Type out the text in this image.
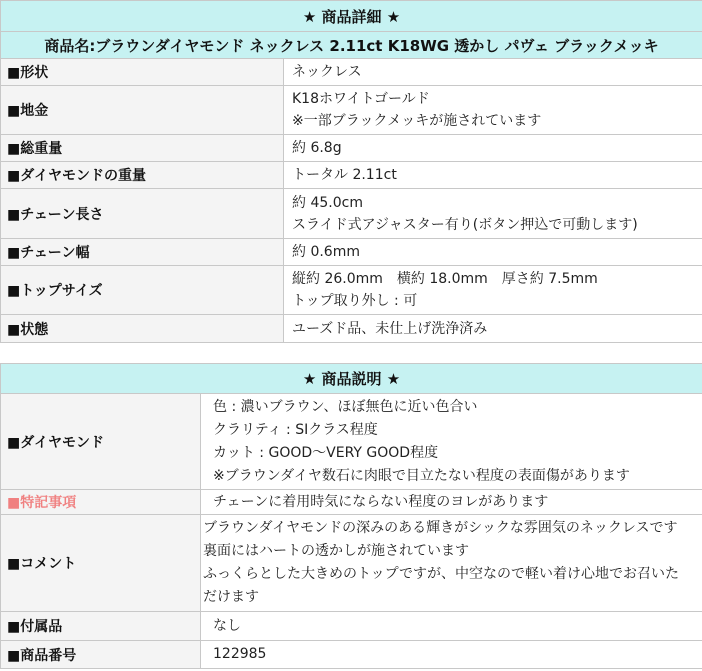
★ 商品詳細 ★	
商品名:ブラウンダイヤモンド ネックレス 2.11ct K18WG 透かし パヴェ ブラックメッキ	
■形状	ネックレス

■地金	K18ホワイトゴールド
※一部ブラックメッキが施されています

■総重量	約 6.8g

■ダイヤモンドの重量	トータル 2.11ct

■チェーン長さ	約 45.0cm
スライド式アジャスター有り(ボタン押込で可動します)

■チェーン幅	約 0.6mm

■トップサイズ	縦約 26.0mm　横約 18.0mm　厚さ約 7.5mm
トップ取り外し : 可

■状態	ユーズド品、未仕上げ洗浄済み
★ 商品説明 ★	
■ダイヤモンド	色 : 濃いブラウン、ほぼ無色に近い色合い
クラリティ : SIクラス程度
カット : GOOD〜VERY GOOD程度
※ブラウンダイヤ数石に肉眼で目立たない程度の表面傷があります

■特記事項	チェーンに着用時気にならない程度のヨレがあります

■コメント	ブラウンダイヤモンドの深みのある輝きがシックな雰囲気のネックレスです
裏面にはハートの透かしが施されています
ふっくらとした大きめのトップですが、中空なので軽い着け心地でお召いた
だけます

■付属品	なし

■商品番号	122985
